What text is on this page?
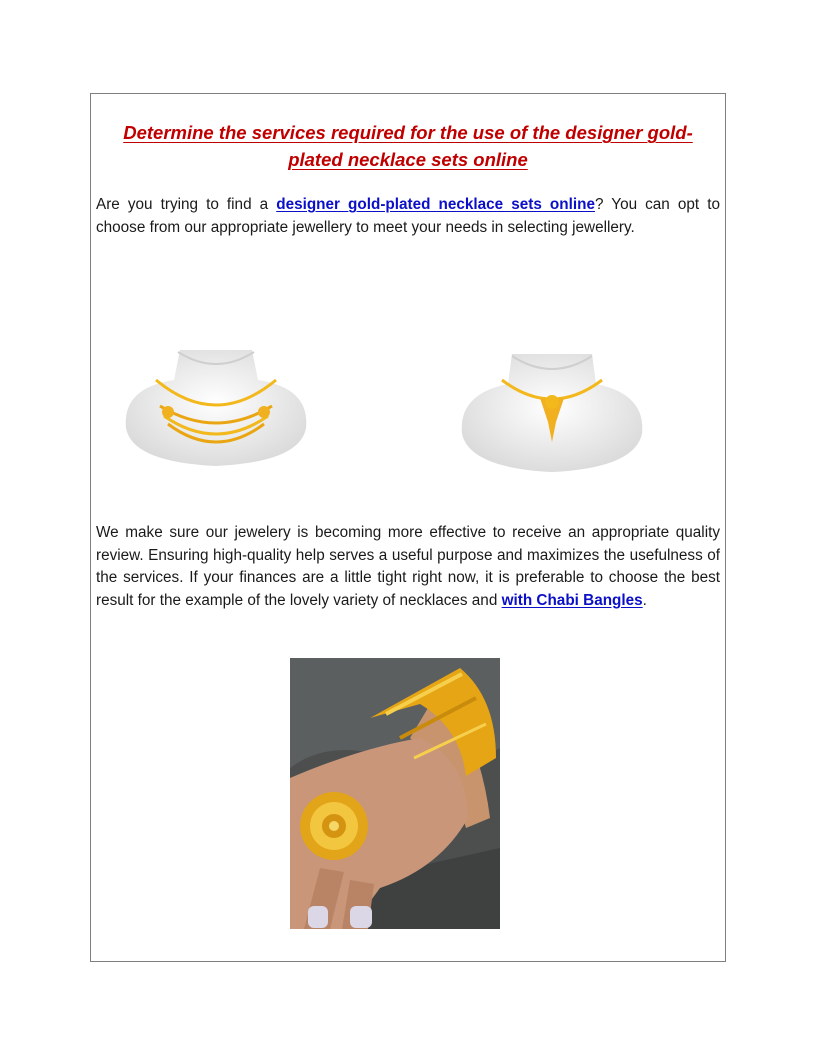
Determine the services required for the use of the designer gold-
plated necklace sets online

Are you trying to find a designer gold-plated necklace sets online? You can opt to choose from our appropriate jewellery to meet your needs in selecting jewellery.

We make sure our jewelery is becoming more effective to receive an appropriate quality review. Ensuring high-quality help serves a useful purpose and maximizes the usefulness of the services. If your finances are a little tight right now, it is preferable to choose the best result for the example of the lovely variety of necklaces and with Chabi Bangles.
